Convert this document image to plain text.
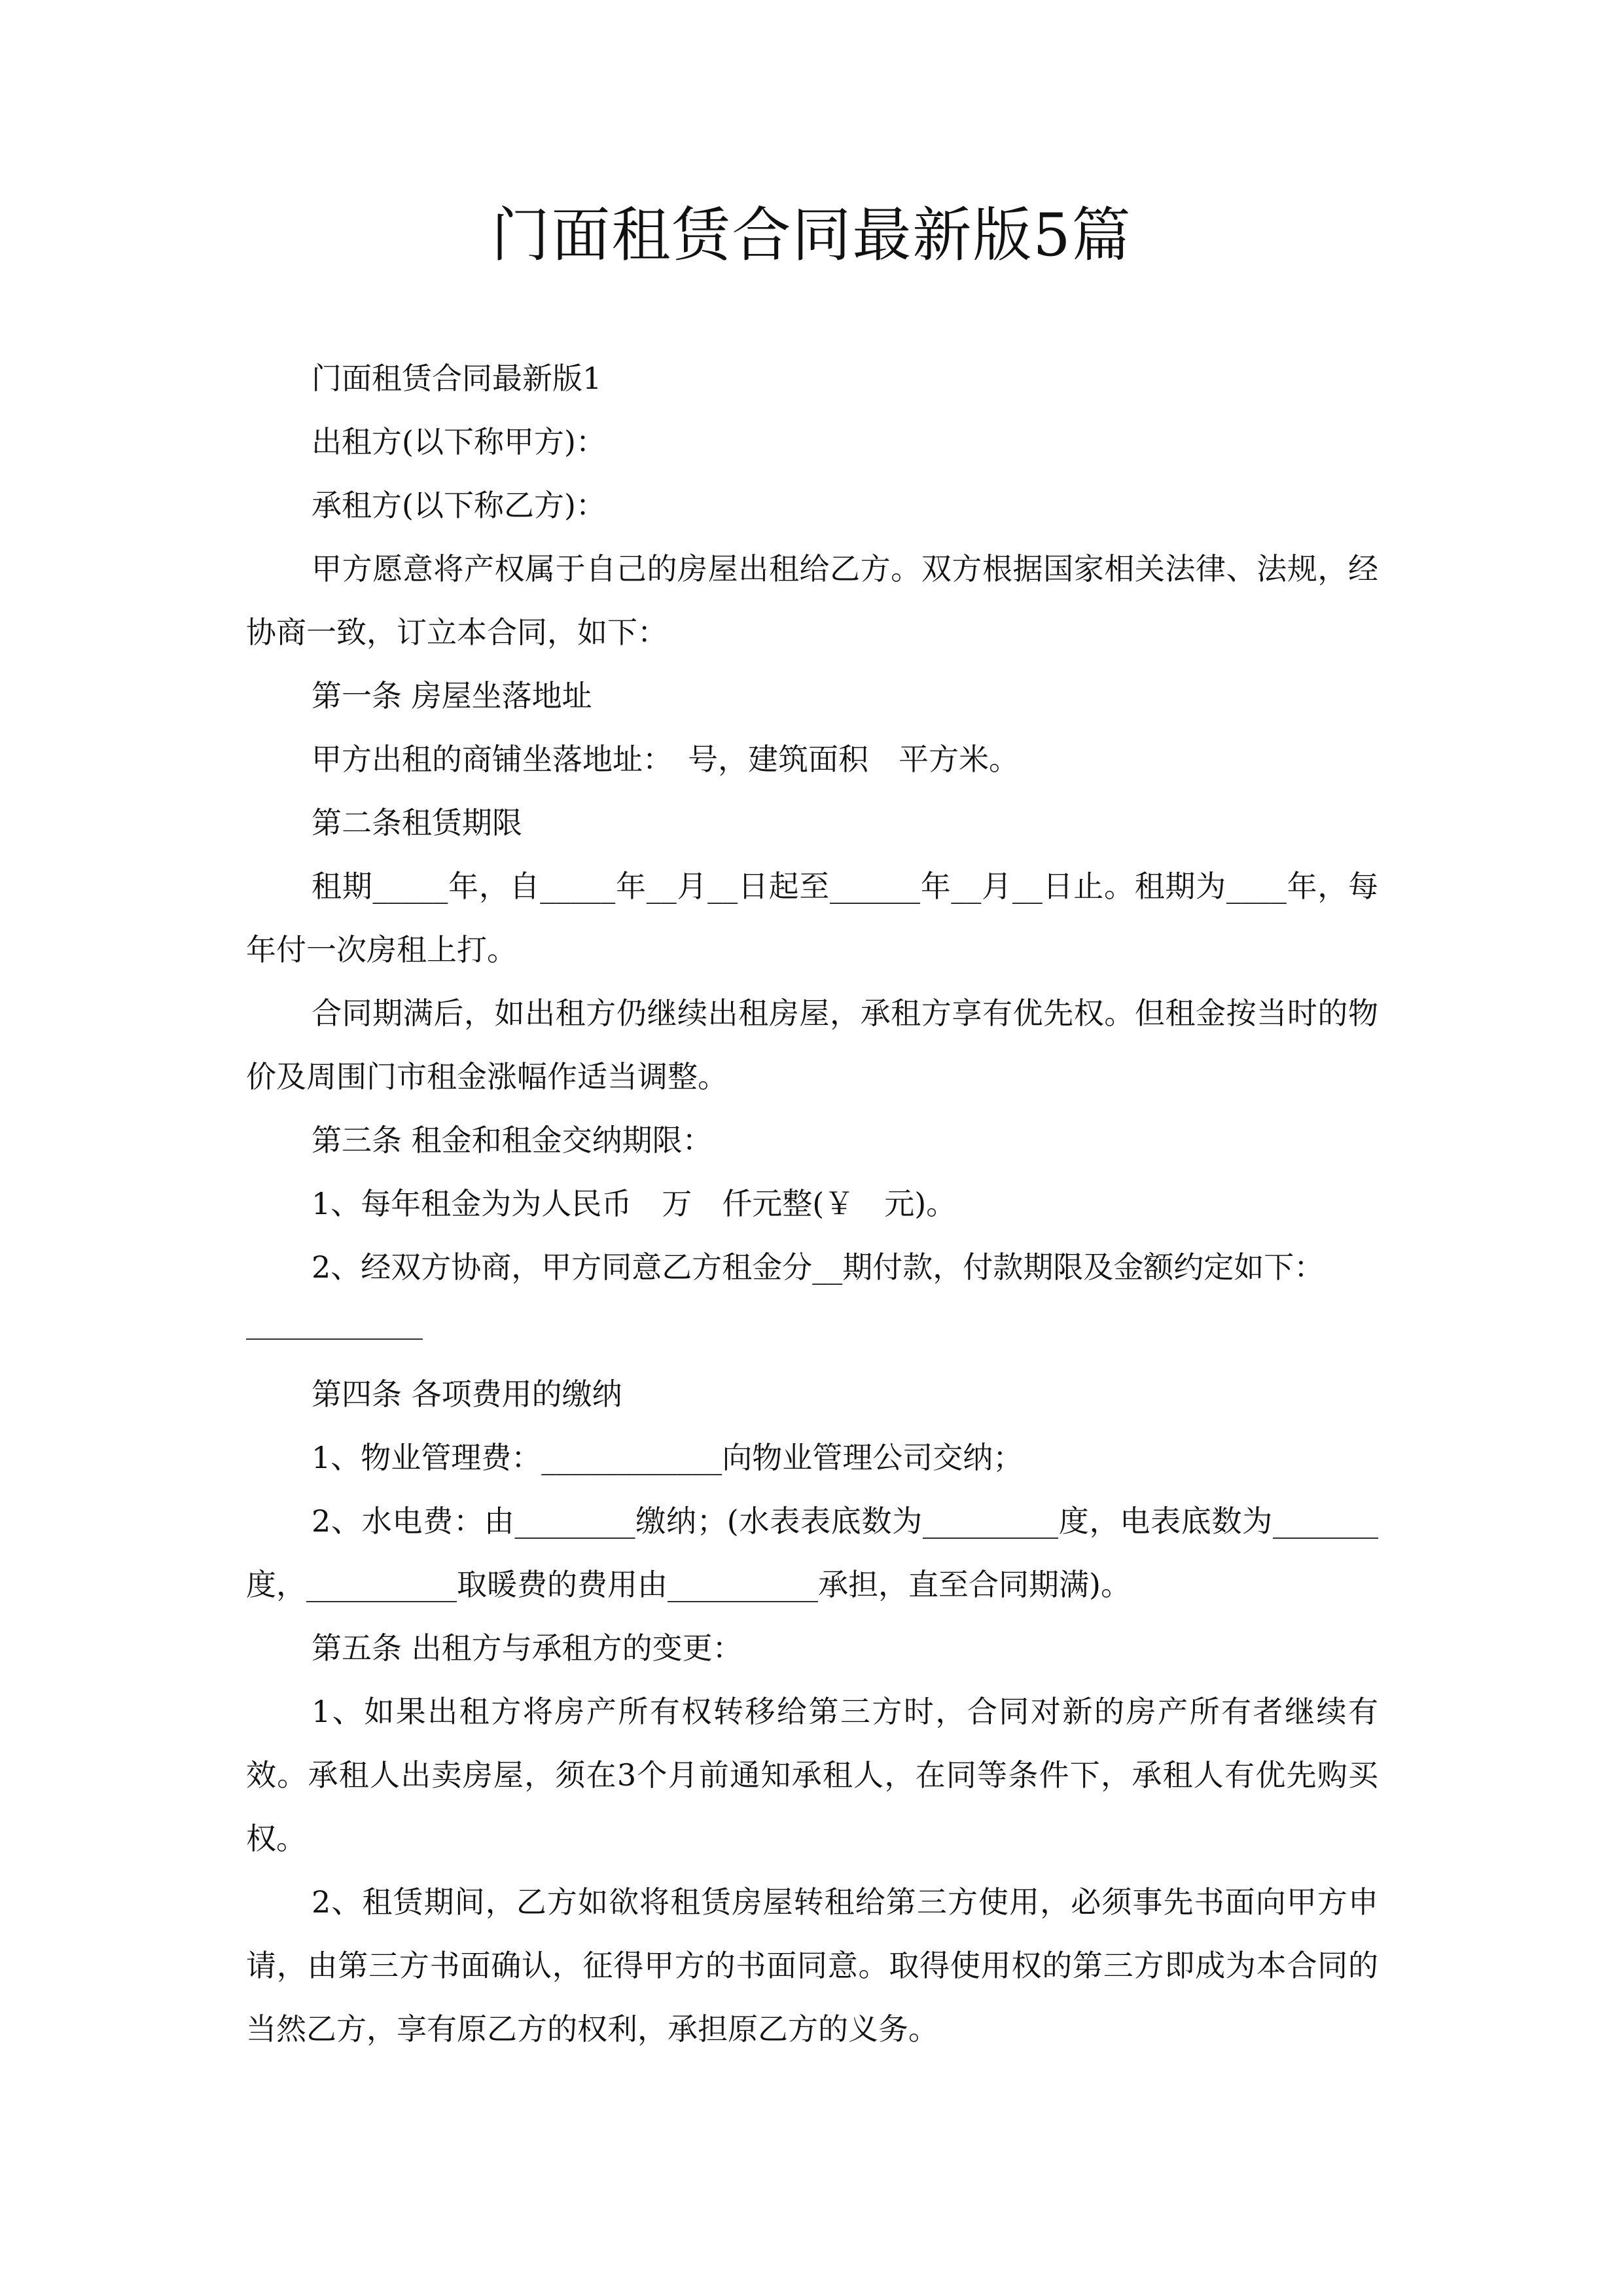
门面租赁合同最新版5篇

门面租赁合同最新版1

出租方(以下称甲方)：

承租方(以下称乙方)：

甲方愿意将产权属于自己的房屋出租给乙方。双方根据国家相关法律、法规，经协商一致，订立本合同，如下：

第一条 房屋坐落地址

甲方出租的商铺坐落地址：　号，建筑面积　平方米。

第二条租赁期限

租期_____年，自_____年__月__日起至______年__月__日止。租期为____年，每年付一次房租上打。

合同期满后，如出租方仍继续出租房屋，承租方享有优先权。但租金按当时的物价及周围门市租金涨幅作适当调整。

第三条 租金和租金交纳期限：

1、每年租金为为人民币　万　仟元整(￥　元)。

2、经双方协商，甲方同意乙方租金分__期付款，付款期限及金额约定如下：

第四条 各项费用的缴纳

1、物业管理费：____________向物业管理公司交纳；

2、水电费：由________缴纳；(水表表底数为_________度，电表底数为_______度，__________取暖费的费用由__________承担，直至合同期满)。

第五条 出租方与承租方的变更：

1、如果出租方将房产所有权转移给第三方时，合同对新的房产所有者继续有效。承租人出卖房屋，须在3个月前通知承租人，在同等条件下，承租人有优先购买权。

2、租赁期间，乙方如欲将租赁房屋转租给第三方使用，必须事先书面向甲方申请，由第三方书面确认，征得甲方的书面同意。取得使用权的第三方即成为本合同的当然乙方，享有原乙方的权利，承担原乙方的义务。
